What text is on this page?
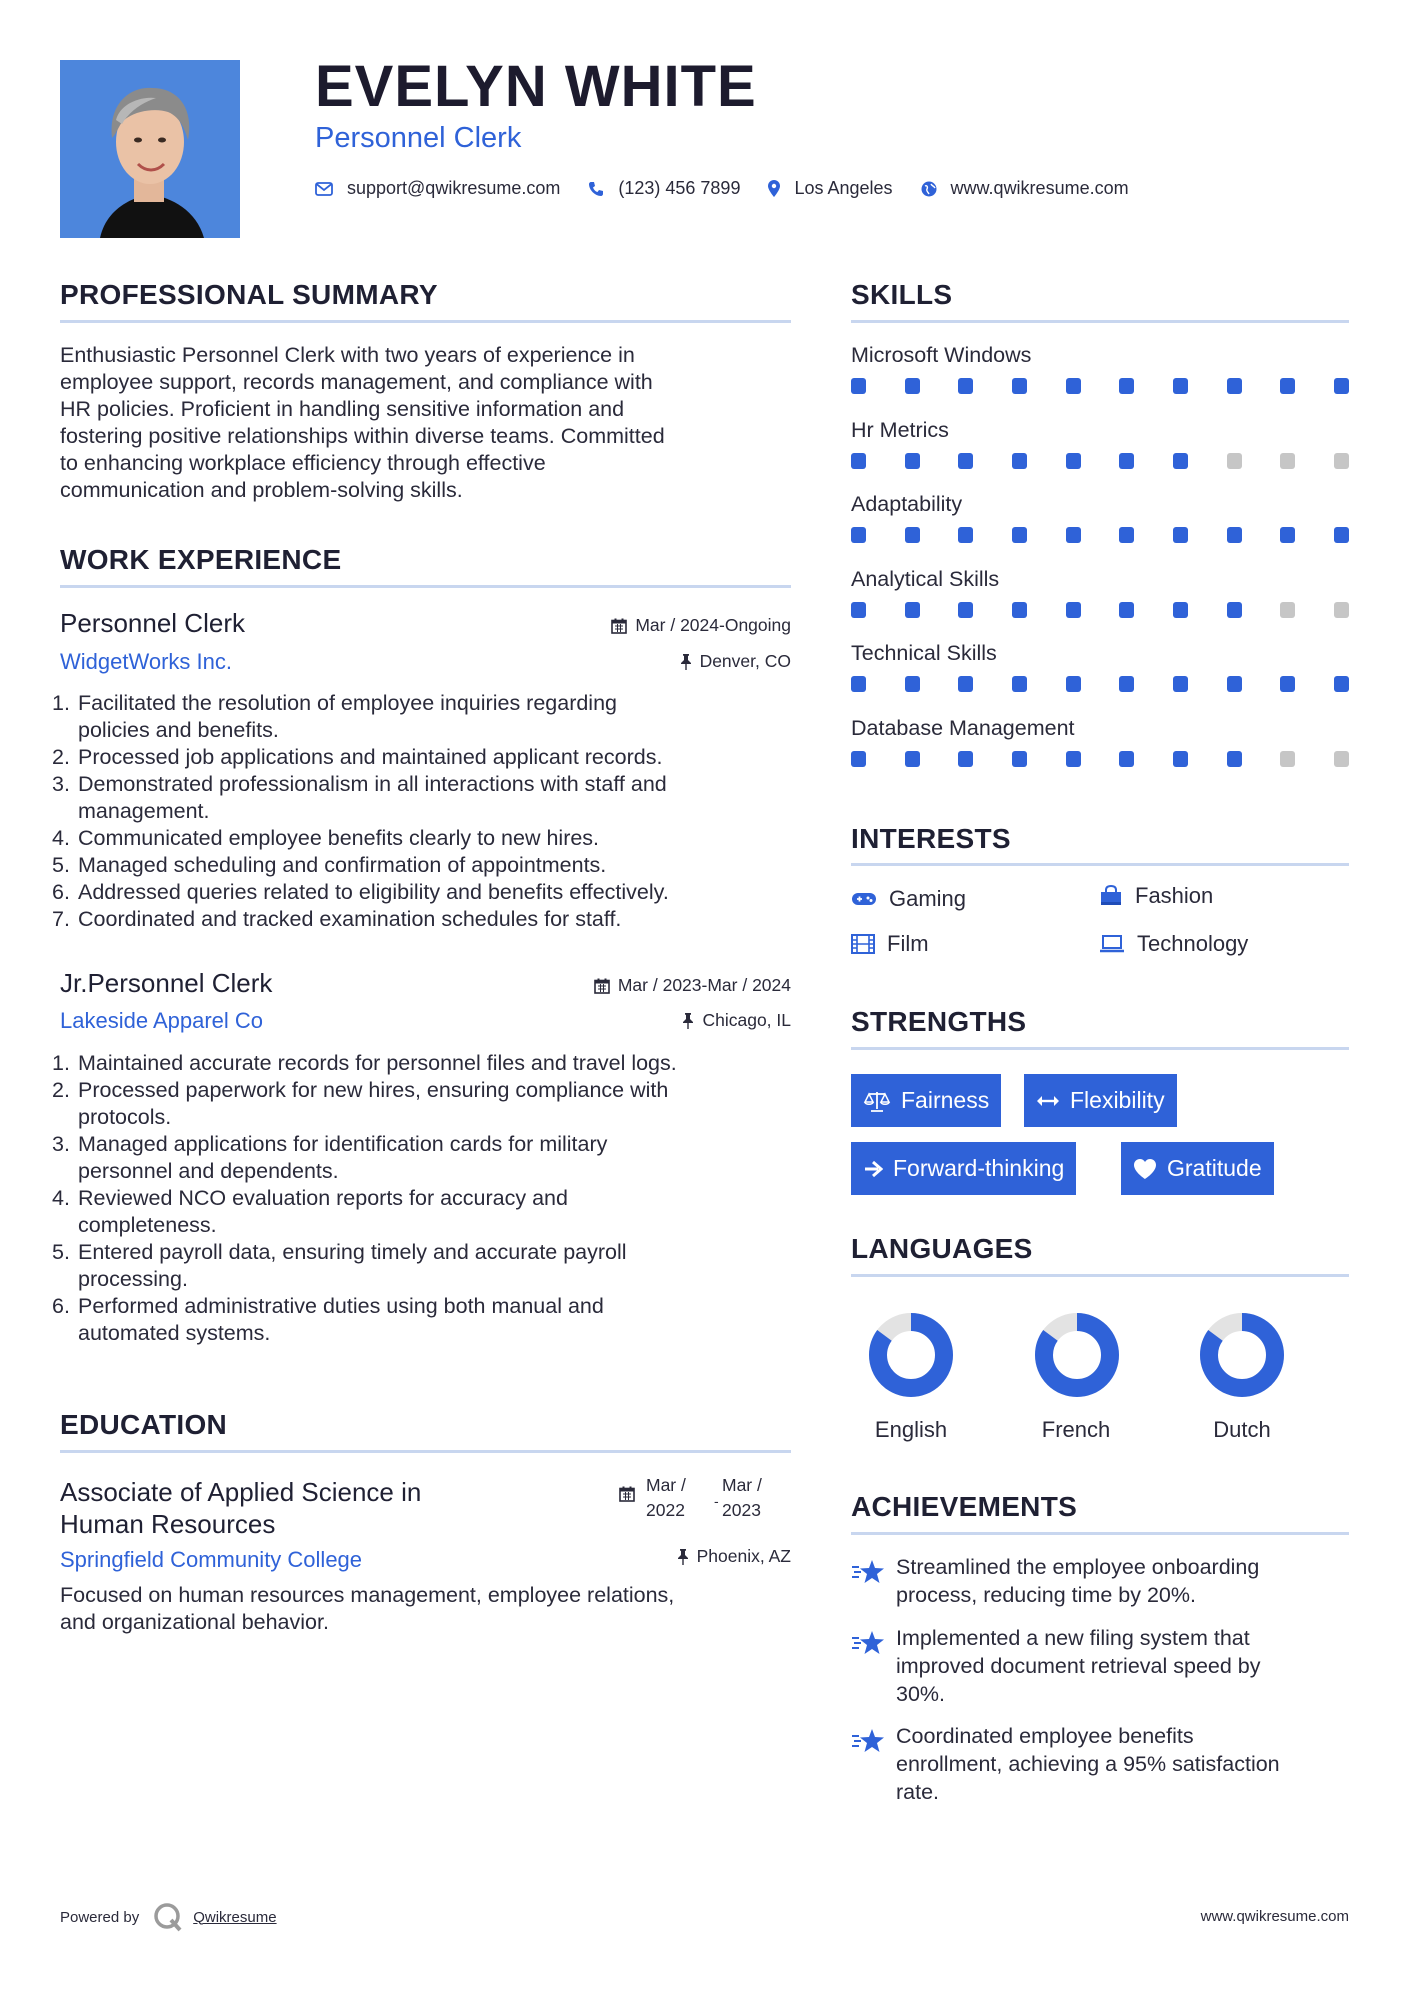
EVELYN WHITE
Personnel Clerk
support@qwikresume.com	(123) 456 7899	Los Angeles	www.qwikresume.com
PROFESSIONAL SUMMARY
Enthusiastic Personnel Clerk with two years of experience in
employee support, records management, and compliance with
HR policies. Proficient in handling sensitive information and
fostering positive relationships within diverse teams. Committed
to enhancing workplace efficiency through effective
communication and problem-solving skills.
WORK EXPERIENCE
Personnel Clerk	Mar / 2024-Ongoing
WidgetWorks Inc.	Denver, CO
1. Facilitated the resolution of employee inquiries regarding
policies and benefits.
2. Processed job applications and maintained applicant records.
3. Demonstrated professionalism in all interactions with staff and
management.
4. Communicated employee benefits clearly to new hires.
5. Managed scheduling and confirmation of appointments.
6. Addressed queries related to eligibility and benefits effectively.
7. Coordinated and tracked examination schedules for staff.
Jr.Personnel Clerk	Mar / 2023-Mar / 2024
Lakeside Apparel Co	Chicago, IL
1. Maintained accurate records for personnel files and travel logs.
2. Processed paperwork for new hires, ensuring compliance with
protocols.
3. Managed applications for identification cards for military
personnel and dependents.
4. Reviewed NCO evaluation reports for accuracy and
completeness.
5. Entered payroll data, ensuring timely and accurate payroll
processing.
6. Performed administrative duties using both manual and
automated systems.
EDUCATION
Associate of Applied Science in
Human Resources
Mar /
2022 -
Mar /
2023
Springfield Community College	Phoenix, AZ
Focused on human resources management, employee relations,
and organizational behavior.
SKILLS
Microsoft Windows
Hr Metrics
Adaptability
Analytical Skills
Technical Skills
Database Management
INTERESTS
Gaming	Fashion
Film	Technology
STRENGTHS
Fairness	Flexibility
Forward-thinking	Gratitude
LANGUAGES
English	French	Dutch
ACHIEVEMENTS
Streamlined the employee onboarding
process, reducing time by 20%.
Implemented a new filing system that
improved document retrieval speed by
30%.
Coordinated employee benefits
enrollment, achieving a 95% satisfaction
rate.
Powered by	Qwikresume	www.qwikresume.com
